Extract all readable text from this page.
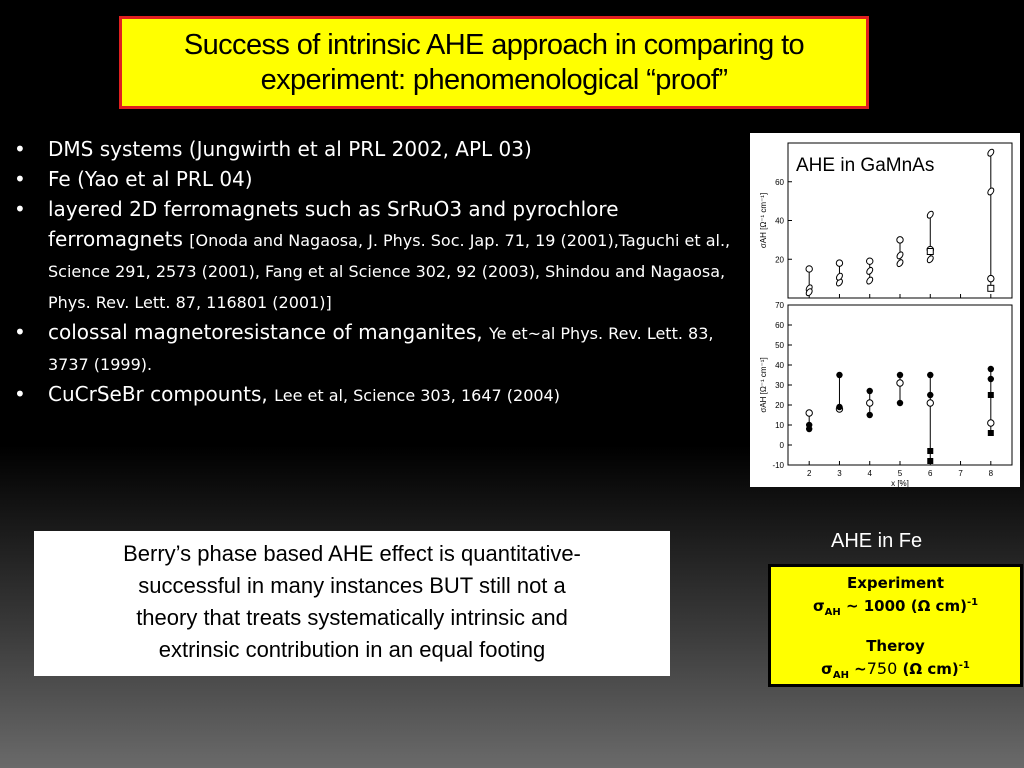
Success of intrinsic AHE approach in comparing to
experiment: phenomenological “proof”
•	DMS systems (Jungwirth et al PRL 2002, APL 03)
•	Fe (Yao et al PRL 04)
•	layered 2D ferromagnets such as SrRuO3 and pyrochlore ferromagnets [Onoda and Nagaosa, J. Phys. Soc. Jap. 71, 19 (2001),Taguchi et al., Science 291, 2573 (2001), Fang et al Science 302, 92 (2003), Shindou and Nagaosa, Phys. Rev. Lett. 87, 116801 (2001)]
•	colossal magnetoresistance of manganites, Ye et~al Phys. Rev. Lett. 83, 3737 (1999).
•	CuCrSeBr compounts, Lee et al, Science 303, 1647 (2004)
20
40
60
σAH [Ω⁻¹ cm⁻¹]
-10
0
10
20
30
40
50
60
70
2	3	4	5	6	7	8
σAH [Ω⁻¹ cm⁻¹]
x [%]
AHE in GaMnAs
Berry’s phase based AHE effect is quantitative-
successful in many instances BUT still not a
theory that treats systematically intrinsic and
extrinsic contribution in an equal footing
AHE in Fe
Experiment
$\sigma_{AH}$ ~ 1000 (Ω cm)$^{-1}$
Theroy
$\sigma_{AH}$ ~750 (Ω cm)$^{-1}$
